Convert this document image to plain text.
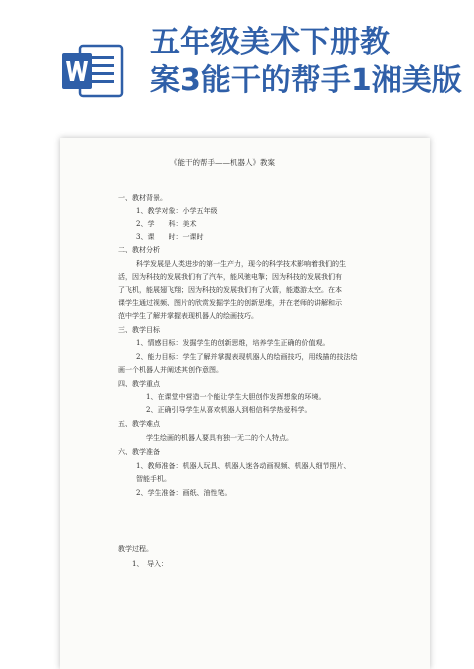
五年级美术下册教
案3能干的帮手1湘美版
《能干的帮手——机器人》教案
一、教材背景。
1、教学对象：小学五年级
2、学　　科：美术
3、课　　时：一课时
二、教材分析
科学发展是人类进步的第一生产力，现今的科学技术影响着我们的生
活，因为科技的发展我们有了汽车，能风驰电掣；因为科技的发展我们有
了飞机，能展翅飞翔；因为科技的发展我们有了火箭，能遨游太空。在本
课学生通过视频、图片的欣赏发掘学生的创新思维，并在老师的讲解和示
范中学生了解并掌握表现机器人的绘画技巧。
三、教学目标
1、情感目标：发掘学生的创新思维，培养学生正确的价值观。
2、能力目标：学生了解并掌握表现机器人的绘画技巧，用线描的技法绘
画一个机器人并阐述其创作意图。
四、教学重点
1、在课堂中营造一个能让学生大胆创作发挥想象的环境。
2、正确引导学生从喜欢机器人到相信科学热爱科学。
五、教学难点
学生绘画的机器人要具有独一无二的个人特点。
六、教学准备
1、教师准备：机器人玩具、机器人迷各动画视频、机器人细节照片、
智能手机。
2、学生准备：画纸、油性笔。
教学过程。
1、　导入：
